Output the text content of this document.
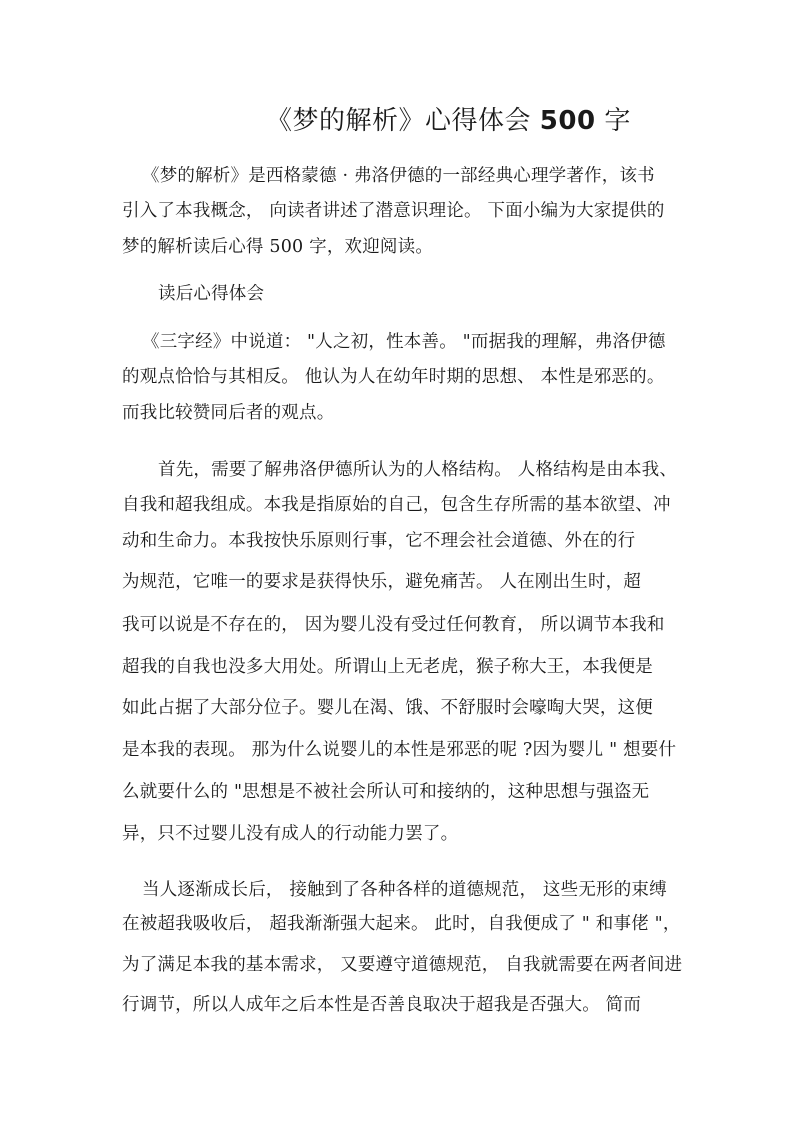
《梦的解析》心得体会 500 字
《梦的解析》是西格蒙德 · 弗洛伊德的一部经典心理学著作，该书
引入了本我概念， 向读者讲述了潜意识理论。 下面小编为大家提供的
梦的解析读后心得 500 字，欢迎阅读。
读后心得体会
《三字经》中说道： "人之初，性本善。 "而据我的理解，弗洛伊德
的观点恰恰与其相反。 他认为人在幼年时期的思想、 本性是邪恶的。
而我比较赞同后者的观点。
首先，需要了解弗洛伊德所认为的人格结构。 人格结构是由本我、
自我和超我组成。本我是指原始的自己，包含生存所需的基本欲望、冲
动和生命力。本我按快乐原则行事，它不理会社会道德、外在的行
为规范，它唯一的要求是获得快乐，避免痛苦。 人在刚出生时，超
我可以说是不存在的， 因为婴儿没有受过任何教育， 所以调节本我和
超我的自我也没多大用处。所谓山上无老虎，猴子称大王，本我便是
如此占据了大部分位子。婴儿在渴、饿、不舒服时会嚎啕大哭，这便
是本我的表现。 那为什么说婴儿的本性是邪恶的呢 ?因为婴儿 " 想要什
么就要什么的 "思想是不被社会所认可和接纳的，这种思想与强盗无
异，只不过婴儿没有成人的行动能力罢了。
当人逐渐成长后， 接触到了各种各样的道德规范， 这些无形的束缚
在被超我吸收后， 超我渐渐强大起来。 此时，自我便成了 " 和事佬 "，
为了满足本我的基本需求， 又要遵守道德规范， 自我就需要在两者间进
行调节，所以人成年之后本性是否善良取决于超我是否强大。 简而
